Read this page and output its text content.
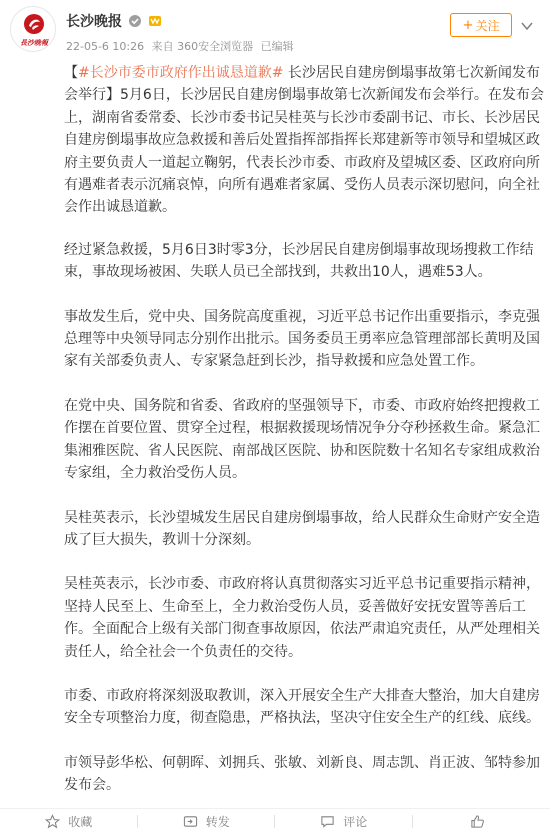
長沙晚報
长沙晚报
22-05-6 10:26 来自 360安全浏览器 已编辑
+ 关注

【#长沙市委市政府作出诚恳道歉# 长沙居民自建房倒塌事故第七次新闻发布会举行】5月6日，长沙居民自建房倒塌事故第七次新闻发布会举行。在发布会上，湖南省委常委、长沙市委书记吴桂英与长沙市委副书记、市长、长沙居民自建房倒塌事故应急救援和善后处置指挥部指挥长郑建新等市领导和望城区政府主要负责人一道起立鞠躬，代表长沙市委、市政府及望城区委、区政府向所有遇难者表示沉痛哀悼，向所有遇难者家属、受伤人员表示深切慰问，向全社会作出诚恳道歉。

经过紧急救援，5月6日3时零3分，长沙居民自建房倒塌事故现场搜救工作结束，事故现场被困、失联人员已全部找到，共救出10人，遇难53人。

事故发生后，党中央、国务院高度重视，习近平总书记作出重要指示，李克强总理等中央领导同志分别作出批示。国务委员王勇率应急管理部部长黄明及国家有关部委负责人、专家紧急赶到长沙，指导救援和应急处置工作。

在党中央、国务院和省委、省政府的坚强领导下，市委、市政府始终把搜救工作摆在首要位置、贯穿全过程，根据救援现场情况争分夺秒拯救生命。紧急汇集湘雅医院、省人民医院、南部战区医院、协和医院数十名知名专家组成救治专家组，全力救治受伤人员。

吴桂英表示，长沙望城发生居民自建房倒塌事故，给人民群众生命财产安全造成了巨大损失，教训十分深刻。

吴桂英表示，长沙市委、市政府将认真贯彻落实习近平总书记重要指示精神，坚持人民至上、生命至上，全力救治受伤人员，妥善做好安抚安置等善后工作。全面配合上级有关部门彻查事故原因，依法严肃追究责任，从严处理相关责任人，给全社会一个负责任的交待。

市委、市政府将深刻汲取教训，深入开展安全生产大排查大整治，加大自建房安全专项整治力度，彻查隐患，严格执法，坚决守住安全生产的红线、底线。

市领导彭华松、何朝晖、刘拥兵、张敏、刘新良、周志凯、肖正波、邹特参加发布会。

收藏	转发	评论
